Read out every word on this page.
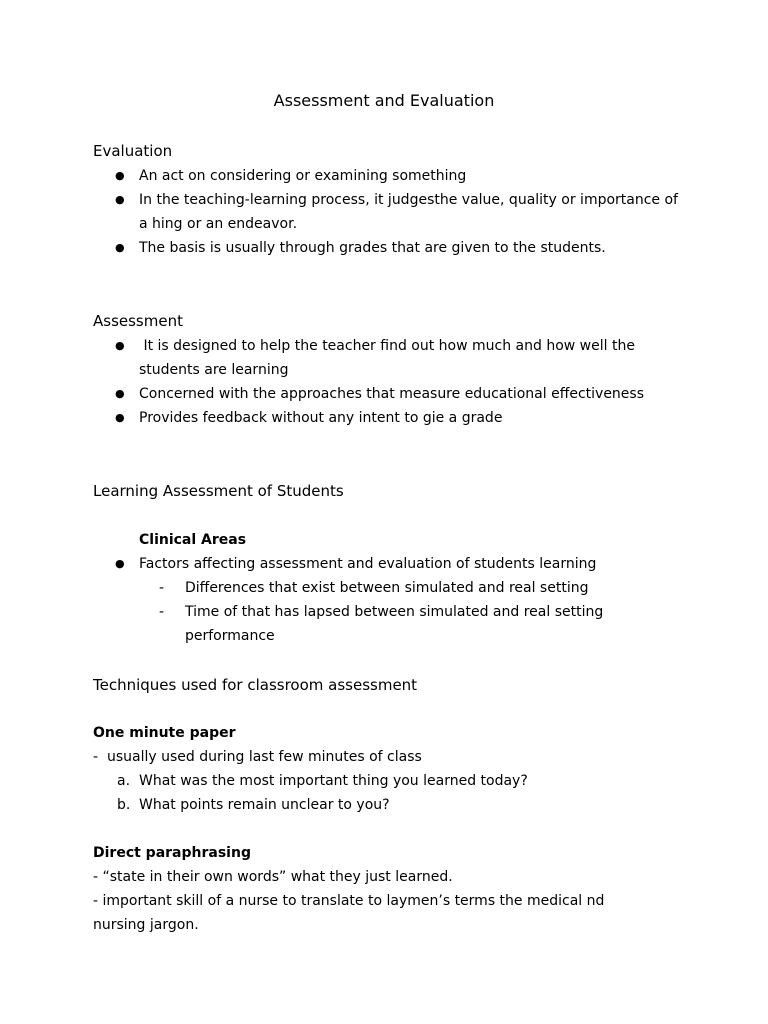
Assessment and Evaluation
Evaluation
● An act on considering or examining something
● In the teaching-learning process, it judgesthe value, quality or importance of a hing or an endeavor.
● The basis is usually through grades that are given to the students.
Assessment
● It is designed to help the teacher find out how much and how well the students are learning
● Concerned with the approaches that measure educational effectiveness
● Provides feedback without any intent to gie a grade
Learning Assessment of Students
Clinical Areas
● Factors affecting assessment and evaluation of students learning
- Differences that exist between simulated and real setting
- Time of that has lapsed between simulated and real setting performance
Techniques used for classroom assessment
One minute paper
-  usually used during last few minutes of class
a. What was the most important thing you learned today?
b. What points remain unclear to you?
Direct paraphrasing
- “state in their own words” what they just learned.
- important skill of a nurse to translate to laymen’s terms the medical nd nursing jargon.
